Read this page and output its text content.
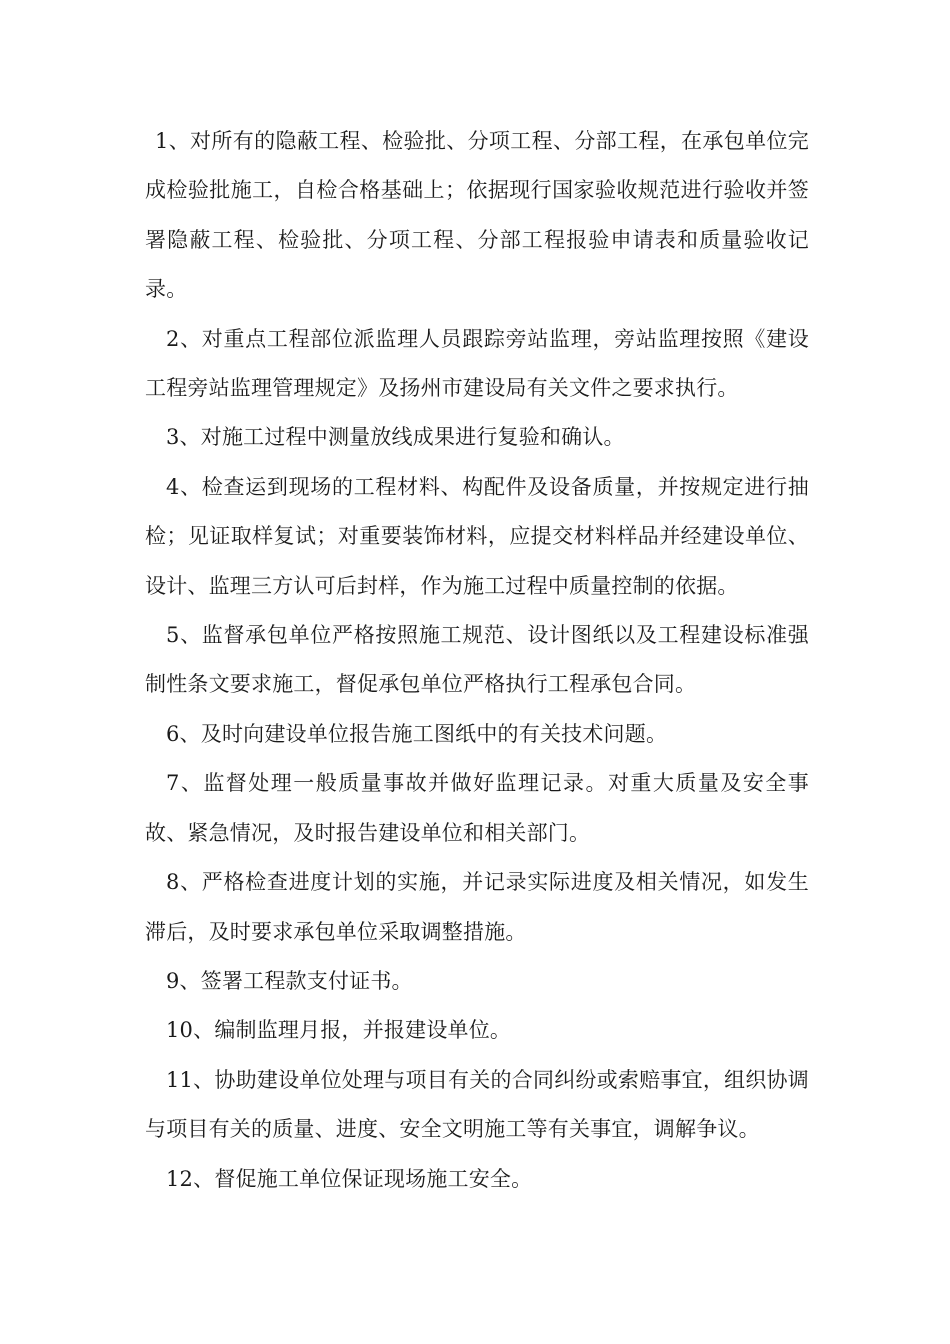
1、对所有的隐蔽工程、检验批、分项工程、分部工程，在承包单位完成检验批施工，自检合格基础上；依据现行国家验收规范进行验收并签署隐蔽工程、检验批、分项工程、分部工程报验申请表和质量验收记录。

2、对重点工程部位派监理人员跟踪旁站监理，旁站监理按照《建设工程旁站监理管理规定》及扬州市建设局有关文件之要求执行。

3、对施工过程中测量放线成果进行复验和确认。

4、检查运到现场的工程材料、构配件及设备质量，并按规定进行抽检；见证取样复试；对重要装饰材料，应提交材料样品并经建设单位、设计、监理三方认可后封样，作为施工过程中质量控制的依据。

5、监督承包单位严格按照施工规范、设计图纸以及工程建设标准强制性条文要求施工，督促承包单位严格执行工程承包合同。

6、及时向建设单位报告施工图纸中的有关技术问题。

7、监督处理一般质量事故并做好监理记录。对重大质量及安全事故、紧急情况，及时报告建设单位和相关部门。

8、严格检查进度计划的实施，并记录实际进度及相关情况，如发生滞后，及时要求承包单位采取调整措施。

9、签署工程款支付证书。

10、编制监理月报，并报建设单位。

11、协助建设单位处理与项目有关的合同纠纷或索赔事宜，组织协调与项目有关的质量、进度、安全文明施工等有关事宜，调解争议。

12、督促施工单位保证现场施工安全。
